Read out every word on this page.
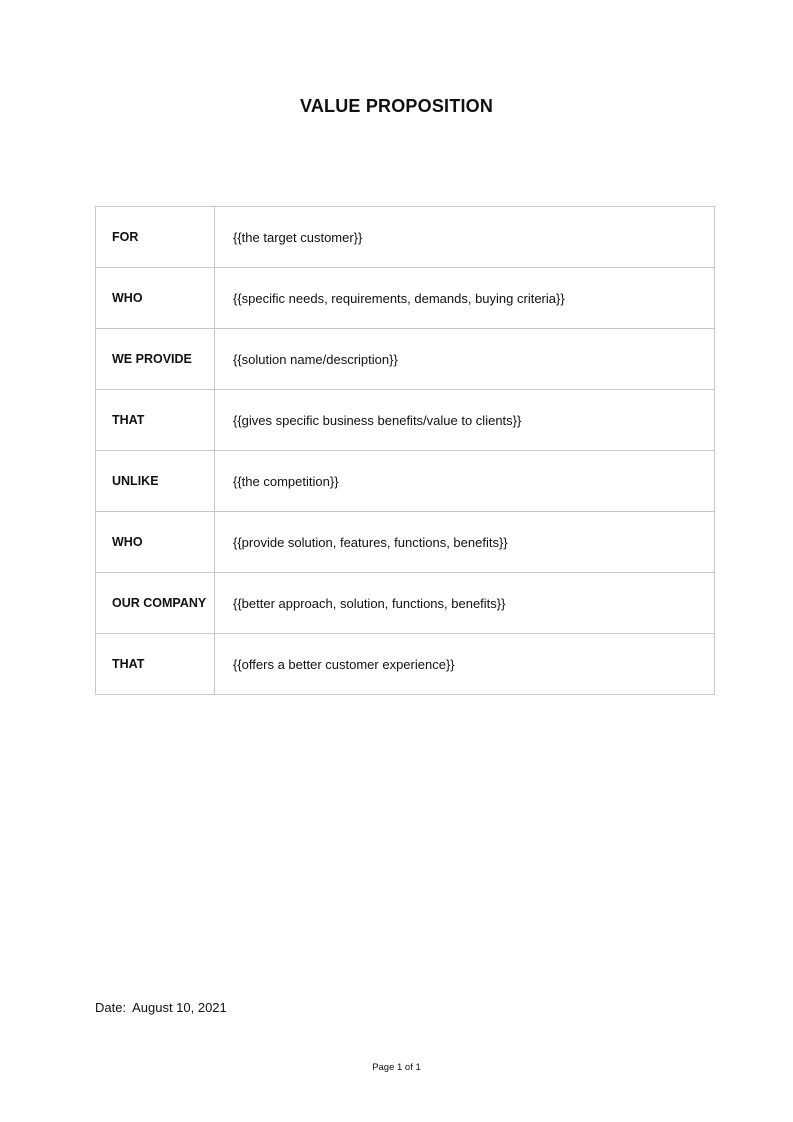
VALUE PROPOSITION
FOR	{{the target customer}}
WHO	{{specific needs, requirements, demands, buying criteria}}
WE PROVIDE	{{solution name/description}}
THAT	{{gives specific business benefits/value to clients}}
UNLIKE	{{the competition}}
WHO	{{provide solution, features, functions, benefits}}
OUR COMPANY	{{better approach, solution, functions, benefits}}
THAT	{{offers a better customer experience}}
Date: August 10, 2021
Page 1 of 1
